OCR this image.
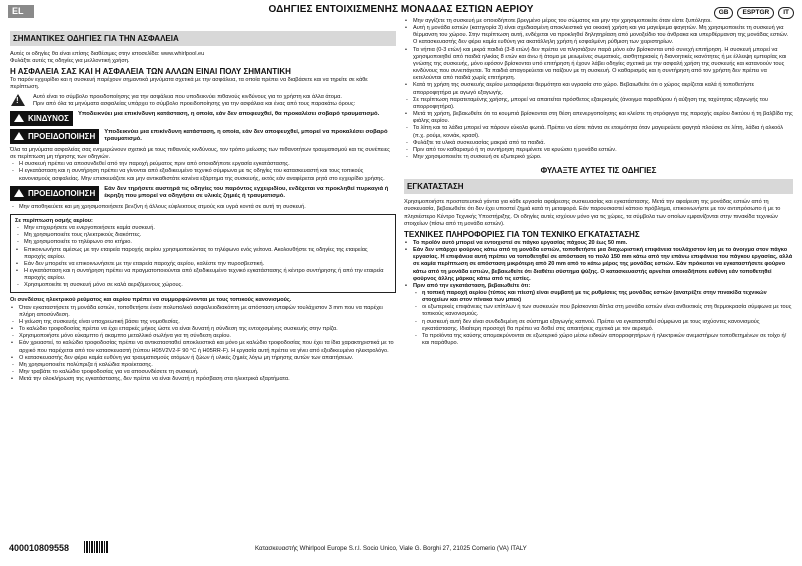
EL	ΟΔΗΓΙΕΣ ΕΝΤΟΙΧΙΣΜΕΝΗΣ ΜΟΝΑΔΑΣ ΕΣΤΙΩΝ ΑΕΡΙΟΥ	GB	ESPTGR	IT
ΣΗΜΑΝΤΙΚΕΣ ΟΔΗΓΙΕΣ ΓΙΑ ΤΗΝ ΑΣΦΑΛΕΙΑ

Αυτές οι οδηγίες θα είναι επίσης διαθέσιμες στην ιστοσελίδα: www.whirlpool.eu

Φυλάξτε αυτές τις οδηγίες για μελλοντική χρήση.

Η ΑΣΦΑΛΕΙΑ ΣΑΣ ΚΑΙ Η ΑΣΦΑΛΕΙΑ ΤΩΝ ΑΛΛΩΝ ΕΙΝΑΙ ΠΟΛΥ ΣΗΜΑΝΤΙΚΗ

Το παρόν εγχειρίδιο και η συσκευή παρέχουν σημαντικά μηνύματα σχετικά με την ασφάλεια, τα οποία πρέπει να διαβάσετε και να τηρείτε σε κάθε περίπτωση.

!	Αυτό είναι το σύμβολο προειδοποίησης για την ασφάλεια που υποδεικνύει πιθανούς κινδύνους για το χρήστη και άλλα άτομα.

Πριν από όλα τα μηνύματα ασφαλείας υπάρχει το σύμβολο προειδοποίησης για την ασφάλεια και ένας από τους παρακάτω όρους:

ΚΙΝΔΥΝΟΣ	Υποδεικνύει μια επικίνδυνη κατάσταση, η οποία, εάν δεν αποφευχθεί, θα προκαλέσει σοβαρό τραυματισμό.
ΠΡΟΕΙΔΟΠΟΙΗΣΗ	Υποδεικνύει μια επικίνδυνη κατάσταση, η οποία, εάν δεν αποφευχθεί, μπορεί να προκαλέσει σοβαρό τραυματισμό.

Όλα τα μηνύματα ασφαλείας σας ενημερώνουν σχετικά με τους πιθανούς κινδύνους, τον τρόπο μείωσης των πιθανοτήτων τραυματισμού και τις συνέπειες σε περίπτωση μη τήρησης των οδηγιών.

- Η συσκευή πρέπει να αποσυνδεθεί από την παροχή ρεύματος πριν από οποιαδήποτε εργασία εγκατάστασης.
- Η εγκατάσταση και η συντήρηση πρέπει να γίνονται από εξειδικευμένο τεχνικό σύμφωνα με τις οδηγίες του κατασκευαστή και τους τοπικούς κανονισμούς ασφαλείας. Μην επισκευάζετε και μην αντικαθιστάτε κανένα εξάρτημα της συσκευής, εκτός εάν αναφέρεται ρητά στο εγχειρίδιο χρήσης.
ΠΡΟΕΙΔΟΠΟΙΗΣΗ	Εάν δεν τηρήσετε αυστηρά τις οδηγίες του παρόντος εγχειριδίου, ενδέχεται να προκληθεί πυρκαγιά ή έκρηξη που μπορεί να οδηγήσει σε υλικές ζημιές ή τραυματισμό.
- Μην αποθηκεύετε και μη χρησιμοποιήσετε βενζίνη ή άλλους εύφλεκτους ατμούς και υγρά κοντά σε αυτή τη συσκευή.
Σε περίπτωση οσμής αερίου:
- Μην επιχειρήσετε να ενεργοποιήσετε καμία συσκευή.
- Μη χρησιμοποιείτε τους ηλεκτρικούς διακόπτες.
- Μη χρησιμοποιείτε το τηλέφωνο στο κτήριο.
• Επικοινωνήστε αμέσως με την εταιρεία παροχής αερίου χρησιμοποιώντας το τηλέφωνο ενός γείτονα. Ακολουθήστε τις οδηγίες της εταιρείας παροχής αερίου.
• Εάν δεν μπορείτε να επικοινωνήσετε με την εταιρεία παροχής αερίου, καλέστε την πυροσβεστική.
• Η εγκατάσταση και η συντήρηση πρέπει να πραγματοποιούνται από εξειδικευμένο τεχνικό εγκατάστασης ή κέντρο συντήρησης ή από την εταιρεία παροχής αερίου.
- Χρησιμοποιείτε τη συσκευή μόνο σε καλά αεριζόμενους χώρους.
Οι συνδέσεις ηλεκτρικού ρεύματος και αερίου πρέπει να συμμορφώνονται με τους τοπικούς κανονισμούς.
• Όταν εγκαταστήσετε τη μονάδα εστιών, τοποθετήστε έναν πολυπολικό ασφαλειοδιακόπτη με απόσταση επαφών τουλάχιστον 3 mm που να παρέχει πλήρη αποσύνδεση.
- Η γείωση της συσκευής είναι υποχρεωτική βάσει της νομοθεσίας.
• Το καλώδιο τροφοδοσίας πρέπει να έχει επαρκές μήκος ώστε να είναι δυνατή η σύνδεση της εντοιχισμένης συσκευής στην πρίζα.
- Χρησιμοποιήστε μόνο εύκαμπτο ή ακαμπτο μεταλλικό σωλήνα για τη σύνδεση αερίου.
• Εάν χρειαστεί, το καλώδιο τροφοδοσίας πρέπει να αντικατασταθεί αποκλειστικά και μόνο με καλώδιο τροφοδοσίας που έχει τα ίδια χαρακτηριστικά με το αρχικό που παρέχεται από τον κατασκευαστή (τύπου H05V2V2-F 90 °C ή H05RR-F). Η εργασία αυτή πρέπει να γίνει από εξειδικευμένο ηλεκτρολόγο.
• Ο κατασκευαστής δεν φέρει καμία ευθύνη για τραυματισμούς ατόμων ή ζώων ή υλικές ζημιές λόγω μη τήρησης αυτών των απαιτήσεων.
- Μη χρησιμοποιείτε πολύπριζα ή καλώδια προέκτασης.
- Μην τραβάτε το καλώδιο τροφοδοσίας για να αποσυνδέσετε τη συσκευή.
• Μετά την ολοκλήρωση της εγκατάστασης, δεν πρέπει να είναι δυνατή η πρόσβαση στα ηλεκτρικά εξαρτήματα.
• Μην αγγίζετε τη συσκευή με οποιοδήποτε βρεγμένο μέρος του σώματος και μην την χρησιμοποιείτε όταν είστε ξυπόλητοι.
• Αυτή η μονάδα εστιών (κατηγορία 3) είναι σχεδιασμένη αποκλειστικά για οικιακή χρήση και για μαγείρεμα φαγητών. Μη χρησιμοποιείτε τη συσκευή για θέρμανση του χώρου. Στην περίπτωση αυτή, ενδέχεται να προκληθεί δηλητηρίαση από μονοξείδιο του άνθρακα και υπερθέρμανση της μονάδας εστιών. Ο κατασκευαστής δεν φέρει καμία ευθύνη για ακατάλληλη χρήση ή εσφαλμένη ρύθμιση των χειριστηρίων.
• Τα νήπια (0-3 ετών) και μικρά παιδιά (3-8 ετών) δεν πρέπει να πλησιάζουν παρά μόνο εάν βρίσκονται υπό συνεχή επιτήρηση. Η συσκευή μπορεί να χρησιμοποιηθεί από παιδιά ηλικίας 8 ετών και άνω ή άτομα με μειωμένες σωματικές, αισθητηριακές ή διανοητικές ικανότητες ή με έλλειψη εμπειρίας και γνώσης της συσκευής, μόνο εφόσον βρίσκονται υπό επιτήρηση ή έχουν λάβει οδηγίες σχετικά με την ασφαλή χρήση της συσκευής και κατανοούν τους κινδύνους που συνεπάγεται. Τα παιδιά απαγορεύεται να παίζουν με τη συσκευή. Ο καθαρισμός και η συντήρηση από τον χρήστη δεν πρέπει να εκτελούνται από παιδιά χωρίς επιτήρηση.
• Κατά τη χρήση της συσκευής αερίου μεταφέρεται θερμότητα και υγρασία στο χώρο. Βεβαιωθείτε ότι ο χώρος αερίζεται καλά ή τοποθετήστε απορροφητήρα με αγωγό εξαγωγής.
- Σε περίπτωση παρατεταμένης χρήσης, μπορεί να απαιτείται πρόσθετος εξαερισμός (άνοιγμα παραθύρου ή αύξηση της ταχύτητας εξαγωγής του απορροφητήρα).
• Μετά τη χρήση, βεβαιωθείτε ότι τα κουμπιά βρίσκονται στη θέση απενεργοποίησης και κλείστε τη στρόφιγγα της παροχής αερίου δικτύου ή τη βαλβίδα της φιάλης αερίου.
- Τα λίπη και τα λάδια μπορεί να πάρουν εύκολα φωτιά. Πρέπει να είστε πάντα σε ετοιμότητα όταν μαγειρεύετε φαγητά πλούσια σε λίπη, λάδια ή αλκοόλ (π.χ. ρούμι, κονιάκ, κρασί).
- Φυλάξτε τα υλικά συσκευασίας μακριά από τα παιδιά.
- Πριν από τον καθαρισμό ή τη συντήρηση περιμένετε να κρυώσει η μονάδα εστιών.
- Μην χρησιμοποιείτε τη συσκευή σε εξωτερικό χώρο.
ΦΥΛΑΞΤΕ ΑΥΤΕΣ ΤΙΣ ΟΔΗΓΙΕΣ
ΕΓΚΑΤΑΣΤΑΣΗ

Χρησιμοποιήστε προστατευτικά γάντια για κάθε εργασία αφαίρεσης συσκευασίας και εγκατάστασης. Μετά την αφαίρεση της μονάδας εστιών από τη συσκευασία, βεβαιωθείτε ότι δεν έχει υποστεί ζημιά κατά τη μεταφορά. Εάν παρουσιαστεί κάποιο πρόβλημα, επικοινωνήστε με τον αντιπρόσωπο ή με το πλησιέστερο Κέντρο Τεχνικής Υποστήριξης. Οι οδηγίες αυτές ισχύουν μόνο για τις χώρες, τα σύμβολα των οποίων εμφανίζονται στην πινακίδα τεχνικών στοιχείων (πίσω από τη μονάδα εστιών).

ΤΕΧΝΙΚΕΣ ΠΛΗΡΟΦΟΡΙΕΣ ΓΙΑ ΤΟΝ ΤΕΧΝΙΚΟ ΕΓΚΑΤΑΣΤΑΣΗΣ
• Το προϊόν αυτό μπορεί να εντοιχιστεί σε πάγκο εργασίας πάχους 20 έως 50 mm.
• Εάν δεν υπάρχει φούρνος κάτω από τη μονάδα εστιών, τοποθετήστε μια διαχωριστική επιφάνεια τουλάχιστον ίση με το άνοιγμα στον πάγκο εργασίας. Η επιφάνεια αυτή πρέπει να τοποθετηθεί σε απόσταση το πολύ 150 mm κάτω από την επάνω επιφάνεια του πάγκου εργασίας, αλλά σε καμία περίπτωση σε απόσταση μικρότερη από 20 mm από το κάτω μέρος της μονάδας εστιών. Εάν πρόκειται να εγκαταστήσετε φούρνο κάτω από τη μονάδα εστιών, βεβαιωθείτε ότι διαθέτει σύστημα ψύξης. Ο κατασκευαστής αρνείται οποιαδήποτε ευθύνη εάν τοποθετηθεί φούρνος άλλης μάρκας κάτω από τις εστίες.
• Πριν από την εγκατάσταση, βεβαιωθείτε ότι:
- η τοπική παροχή αερίου (τύπος και πίεση) είναι συμβατή με τις ρυθμίσεις της μονάδας εστιών (ανατρέξτε στην πινακίδα τεχνικών στοιχείων και στον πίνακα των μπεκ)
- οι εξωτερικές επιφάνειες των επίπλων ή των συσκευών που βρίσκονται δίπλα στη μονάδα εστιών είναι ανθεκτικές στη θερμοκρασία σύμφωνα με τους τοπικούς κανονισμούς.
- η συσκευή αυτή δεν είναι συνδεδεμένη σε σύστημα εξαγωγής καπνού. Πρέπει να εγκατασταθεί σύμφωνα με τους ισχύοντες κανονισμούς εγκατάστασης. Ιδιαίτερη προσοχή θα πρέπει να δοθεί στις απαιτήσεις σχετικά με τον αερισμό.
- Τα προϊόντα της καύσης απομακρύνονται σε εξωτερικό χώρο μέσω ειδικών απορροφητήρων ή ηλεκτρικών ανεμιστήρων τοποθετημένων σε τοίχο ή/και παράθυρο.
400010809558	Κατασκευαστής Whirlpool Europe S.r.l. Socio Unico, Viale G. Borghi 27, 21025 Comerio (VA) ITALY
